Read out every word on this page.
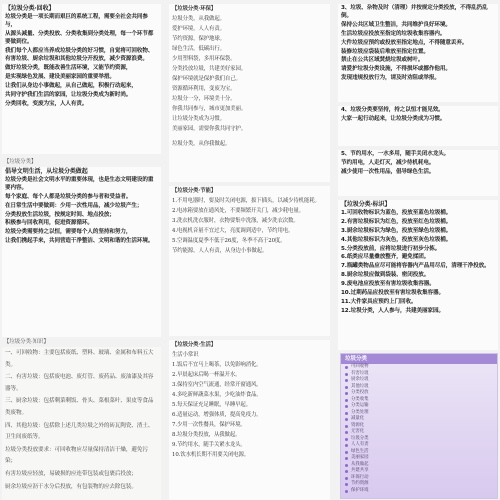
【垃圾分类·回收】

垃圾分类是一项长期而艰巨的系统工程，需要全社会共同参与，

从源头减量、分类投放、分类收集到分类处理，每一个环节都要做到位。

我们每个人都应当养成垃圾分类的好习惯，自觉将可回收物、

有害垃圾、厨余垃圾和其他垃圾分开投放，减少资源浪费。

做好垃圾分类，既能改善生活环境，又能节约资源，

是实现绿色发展、建设美丽家园的重要举措。

让我们从身边小事做起，从自己做起，积极行动起来，

共同守护我们生活的家园，让垃圾分类成为新时尚。

分类回收，变废为宝，人人有责。

【垃圾分类】

倡导文明生活，从垃圾分类做起

垃圾分类是社会文明水平的重要体现，也是生态文明建设的重要内容。

每个家庭、每个人都是垃圾分类的参与者和受益者。

在日常生活中要做到：少用一次性用品，减少垃圾产生；

分类投放生活垃圾，按规定时间、地点投放；

积极参与回收利用，促进资源循环。

垃圾分类需要持之以恒，需要每个人的坚持和努力，

让我们携起手来，共同营造干净整洁、文明和谐的生活环境。

【垃圾分类·知识】

一、可回收物：主要包括废纸、塑料、玻璃、金属和布料五大类。

二、有害垃圾：包括废电池、废灯管、废药品、废油漆及其容器等。

三、厨余垃圾：包括剩菜剩饭、骨头、菜根菜叶、果皮等食品类废物。

四、其他垃圾：包括除上述几类垃圾之外的砖瓦陶瓷、渣土、卫生间废纸等。

垃圾分类投放要求：可回收物应尽量保持清洁干燥，避免污染；

有害垃圾应轻放，易破损的应连带包装或包裹后投放；

厨余垃圾应沥干水分后投放，有包装物的应去除包装。

【垃圾分类·环保】

垃圾分类，从我做起。

爱护环境，人人有责。

节约资源，保护地球。

绿色生活，低碳出行。

少用塑料袋，多用环保袋。

分类投放垃圾，共建美好家园。

保护环境就是保护我们自己。

资源循环利用，变废为宝。

垃圾分一分，环境美十分。

你我共同参与，城市更加美丽。

让垃圾分类成为习惯。

美丽家园，需要你我共同守护。

垃圾分类，从你我做起。

【垃圾分类·节能】

1.不用电器时，要及时关闭电源，拔下插头，以减少待机能耗。

2.电冰箱要放在通风处，不要频繁开关门，减少耗电量。

3.洗衣机洗衣服时，衣物要集中洗涤，减少洗衣次数。

4.电视机音量不宜过大，亮度调到适中，节约用电。

5.空调温度夏季不低于26度，冬季不高于20度。

节约能源，人人有责，从身边小事做起。

【垃圾分类·生活】

生活小常识

1.饭后不宜马上喝茶，以免影响消化。

2.早晨起床后喝一杯温开水。

3.保持室内空气流通，经常开窗通风。

4.多吃新鲜蔬菜水果，少吃油炸食品。

5.每天保证充足睡眠，早睡早起。

6.适量运动，增强体质，提高免疫力。

7.少用一次性餐具，保护环境。

8.垃圾分类投放，从我做起。

9.节约用水，随手关紧水龙头。

10.饮水机长期不用要关闭电源。

3、垃圾、杂物及时（清理）并按规定分类投放，不得乱扔乱倒。

保持公共区域卫生整洁，共同维护良好环境。

生活垃圾应投放至指定的垃圾收集容器内。

大件垃圾应预约或投放至指定地点，不得随意丢弃。

装修垃圾应袋装后堆放至指定位置。

禁止在公共区域焚烧垃圾或树叶。

请爱护垃圾分类设施，不得损坏或挪作他用。

发现违规投放行为，请及时劝阻或举报。

4、垃圾分类要坚持，持之以恒才能见效。

大家一起行动起来，让垃圾分类成为习惯。

5、节约用水，一水多用，随手关闭水龙头。

节约用电，人走灯灭，减少待机耗电。

减少使用一次性用品，倡导绿色生活。

【垃圾分类·标识】

1.可回收物标识为蓝色，投放至蓝色垃圾桶。

2.有害垃圾标识为红色，投放至红色垃圾桶。

3.厨余垃圾标识为绿色，投放至绿色垃圾桶。

4.其他垃圾标识为灰色，投放至灰色垃圾桶。

5.分类投放前，应将垃圾进行初步分拣。

6.纸类应尽量叠放整齐，避免揉团。

7.瓶罐类物品应尽可能将容器内产品用尽后，清理干净投放。

8.厨余垃圾应做到袋装、密闭投放。

9.废电池应投放至有害垃圾收集容器。

10.过期药品应投放至有害垃圾收集容器。

11.大件家具应预约上门回收。

12.垃圾分类，人人参与，共建美丽家园。

垃圾分类
可回收物
有害垃圾
厨余垃圾
其他垃圾
分类投放
分类收集
分类运输
分类处理
减量化
资源化
无害化
垃圾分类
人人有责
绿色生活
美丽家园
从我做起
共建共享
环保行动
节约资源
保护环境
